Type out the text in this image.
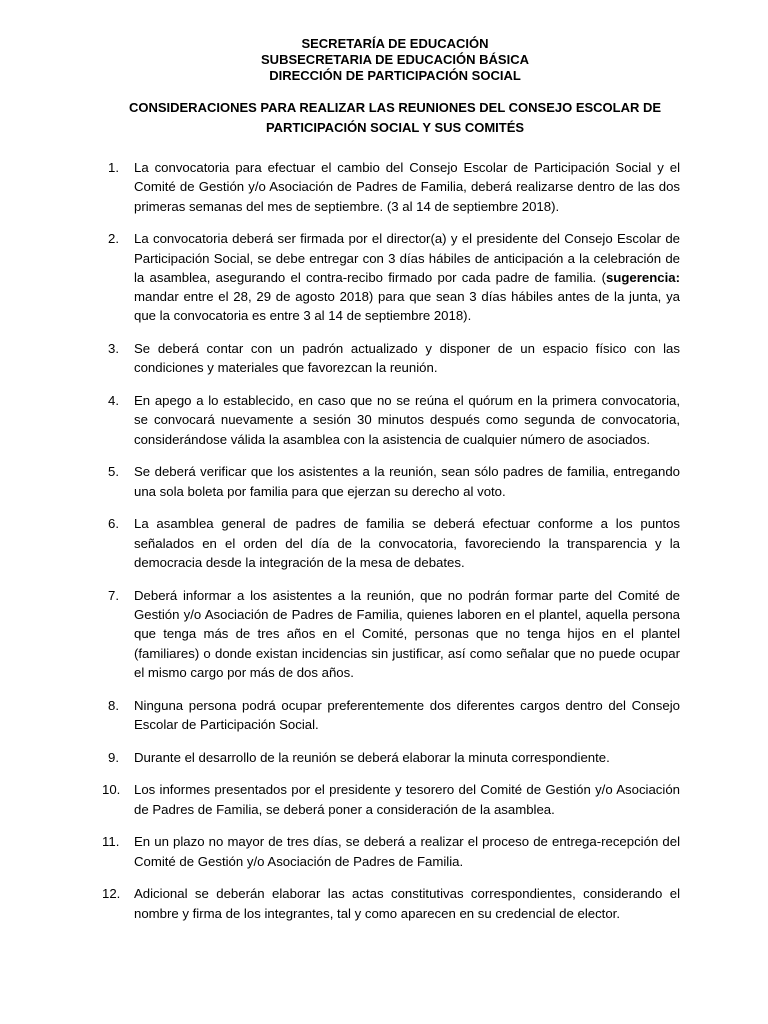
SECRETARÍA DE EDUCACIÓN
SUBSECRETARIA DE EDUCACIÓN BÁSICA
DIRECCIÓN DE PARTICIPACIÓN SOCIAL
CONSIDERACIONES PARA REALIZAR LAS REUNIONES DEL CONSEJO ESCOLAR DE
PARTICIPACIÓN SOCIAL Y SUS COMITÉS
1. La convocatoria para efectuar el cambio del Consejo Escolar de Participación Social y el Comité de Gestión y/o Asociación de Padres de Familia, deberá realizarse dentro de las dos primeras semanas del mes de septiembre. (3 al 14 de septiembre 2018).
2. La convocatoria deberá ser firmada por el director(a) y el presidente del Consejo Escolar de Participación Social, se debe entregar con 3 días hábiles de anticipación a la celebración de la asamblea, asegurando el contra-recibo firmado por cada padre de familia. (sugerencia: mandar entre el 28, 29 de agosto 2018) para que sean 3 días hábiles antes de la junta, ya que la convocatoria es entre 3 al 14 de septiembre 2018).
3. Se deberá contar con un padrón actualizado y disponer de un espacio físico con las condiciones y materiales que favorezcan la reunión.
4. En apego a lo establecido, en caso que no se reúna el quórum en la primera convocatoria, se convocará nuevamente a sesión 30 minutos después como segunda de convocatoria, considerándose válida la asamblea con la asistencia de cualquier número de asociados.
5. Se deberá verificar que los asistentes a la reunión, sean sólo padres de familia, entregando una sola boleta por familia para que ejerzan su derecho al voto.
6. La asamblea general de padres de familia se deberá efectuar conforme a los puntos señalados en el orden del día de la convocatoria, favoreciendo la transparencia y la democracia desde la integración de la mesa de debates.
7. Deberá informar a los asistentes a la reunión, que no podrán formar parte del Comité de Gestión y/o Asociación de Padres de Familia, quienes laboren en el plantel, aquella persona que tenga más de tres años en el Comité, personas que no tenga hijos en el plantel (familiares) o donde existan incidencias sin justificar, así como señalar que no puede ocupar el mismo cargo por más de dos años.
8. Ninguna persona podrá ocupar preferentemente dos diferentes cargos dentro del Consejo Escolar de Participación Social.
9. Durante el desarrollo de la reunión se deberá elaborar la minuta correspondiente.
10. Los informes presentados por el presidente y tesorero del Comité de Gestión y/o Asociación de Padres de Familia, se deberá poner a consideración de la asamblea.
11. En un plazo no mayor de tres días, se deberá a realizar el proceso de entrega-recepción del Comité de Gestión y/o Asociación de Padres de Familia.
12. Adicional se deberán elaborar las actas constitutivas correspondientes, considerando el nombre y firma de los integrantes, tal y como aparecen en su credencial de elector.
